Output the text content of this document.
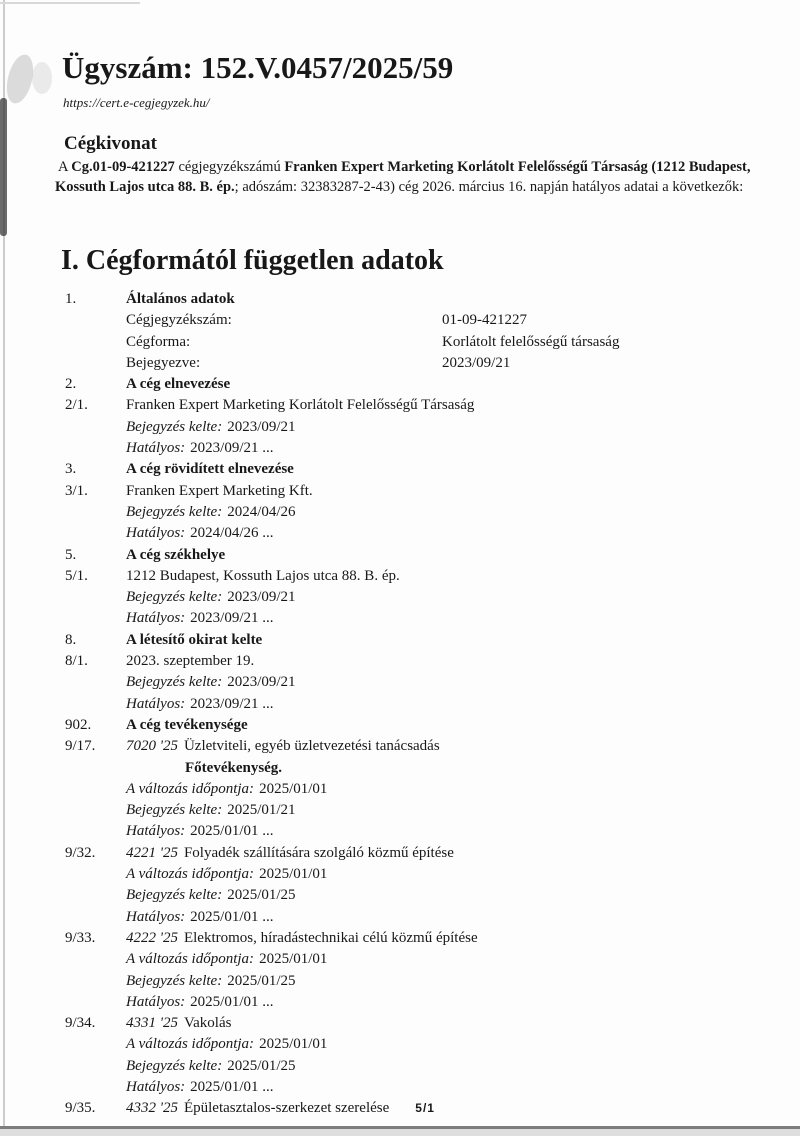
Ügyszám: 152.V.0457/2025/59
https://cert.e-cegjegyzek.hu/
Cégkivonat
A Cg.01-09-421227 cégjegyzékszámú Franken Expert Marketing Korlátolt Felelősségű Társaság (1212 Budapest, Kossuth Lajos utca 88. B. ép.; adószám: 32383287-2-43) cég 2026. március 16. napján hatályos adatai a következők:
I. Cégformától független adatok
1.	Általános adatok
Cégjegyzékszám:	01-09-421227
Cégforma:	Korlátolt felelősségű társaság
Bejegyezve:	2023/09/21
2.	A cég elnevezése
2/1.	Franken Expert Marketing Korlátolt Felelősségű Társaság
Bejegyzés kelte: 2023/09/21
Hatályos: 2023/09/21 ...
3.	A cég rövidített elnevezése
3/1.	Franken Expert Marketing Kft.
Bejegyzés kelte: 2024/04/26
Hatályos: 2024/04/26 ...
5.	A cég székhelye
5/1.	1212 Budapest, Kossuth Lajos utca 88. B. ép.
Bejegyzés kelte: 2023/09/21
Hatályos: 2023/09/21 ...
8.	A létesítő okirat kelte
8/1.	2023. szeptember 19.
Bejegyzés kelte: 2023/09/21
Hatályos: 2023/09/21 ...
902. A cég tevékenysége
9/17. 7020 '25 Üzletviteli, egyéb üzletvezetési tanácsadás
Főtevékenység.
A változás időpontja: 2025/01/01
Bejegyzés kelte: 2025/01/21
Hatályos: 2025/01/01 ...
9/32. 4221 '25 Folyadék szállítására szolgáló közmű építése
A változás időpontja: 2025/01/01
Bejegyzés kelte: 2025/01/25
Hatályos: 2025/01/01 ...
9/33. 4222 '25 Elektromos, híradástechnikai célú közmű építése
A változás időpontja: 2025/01/01
Bejegyzés kelte: 2025/01/25
Hatályos: 2025/01/01 ...
9/34. 4331 '25 Vakolás
A változás időpontja: 2025/01/01
Bejegyzés kelte: 2025/01/25
Hatályos: 2025/01/01 ...
9/35. 4332 '25 Épületasztalos-szerkezet szerelése 5/1
